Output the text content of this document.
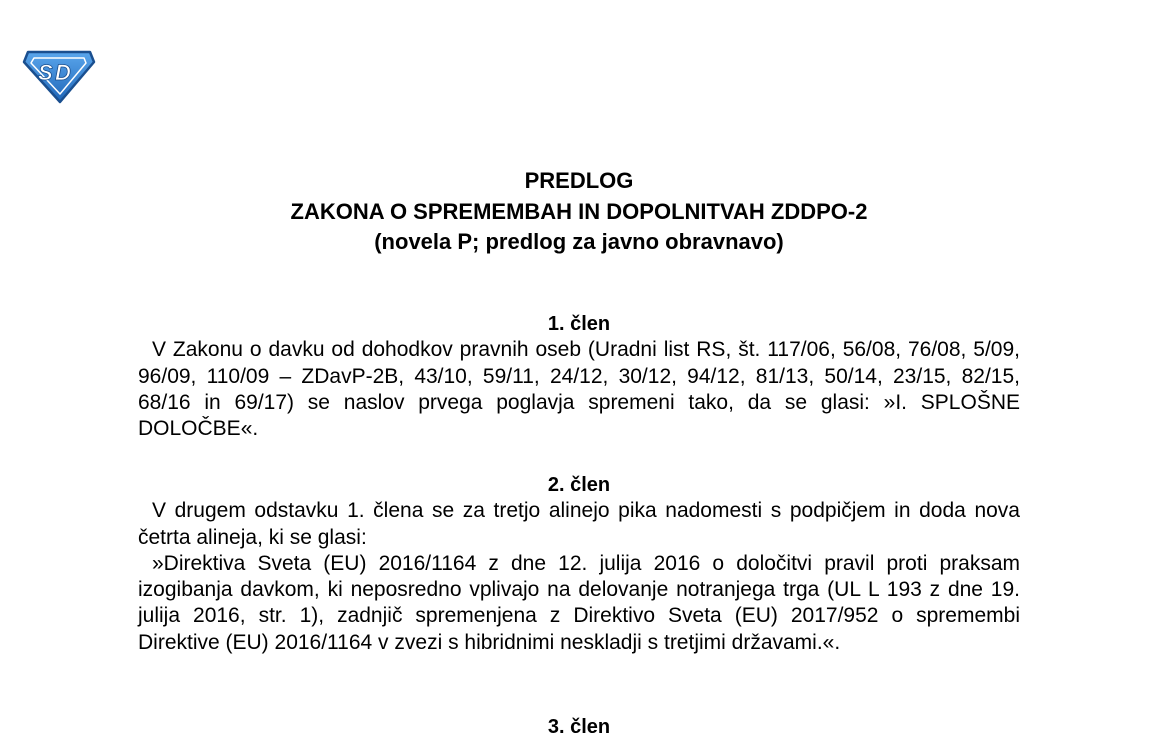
S D
PREDLOG
ZAKONA O SPREMEMBAH IN DOPOLNITVAH ZDDPO-2
(novela P; predlog za javno obravnavo)
1. člen

V Zakonu o davku od dohodkov pravnih oseb (Uradni list RS, št. 117/06, 56/08, 76/08, 5/09, 96/09, 110/09 – ZDavP-2B, 43/10, 59/11, 24/12, 30/12, 94/12, 81/13, 50/14, 23/15, 82/15, 68/16 in 69/17) se naslov prvega poglavja spremeni tako, da se glasi: »I. SPLOŠNE DOLOČBE«.

2. člen

V drugem odstavku 1. člena se za tretjo alinejo pika nadomesti s podpičjem in doda nova četrta alineja, ki se glasi:

»Direktiva Sveta (EU) 2016/1164 z dne 12. julija 2016 o določitvi pravil proti praksam izogibanja davkom, ki neposredno vplivajo na delovanje notranjega trga (UL L 193 z dne 19. julija 2016, str. 1), zadnjič spremenjena z Direktivo Sveta (EU) 2017/952 o spremembi Direktive (EU) 2016/1164 v zvezi s hibridnimi neskladji s tretjimi državami.«.

3. člen
